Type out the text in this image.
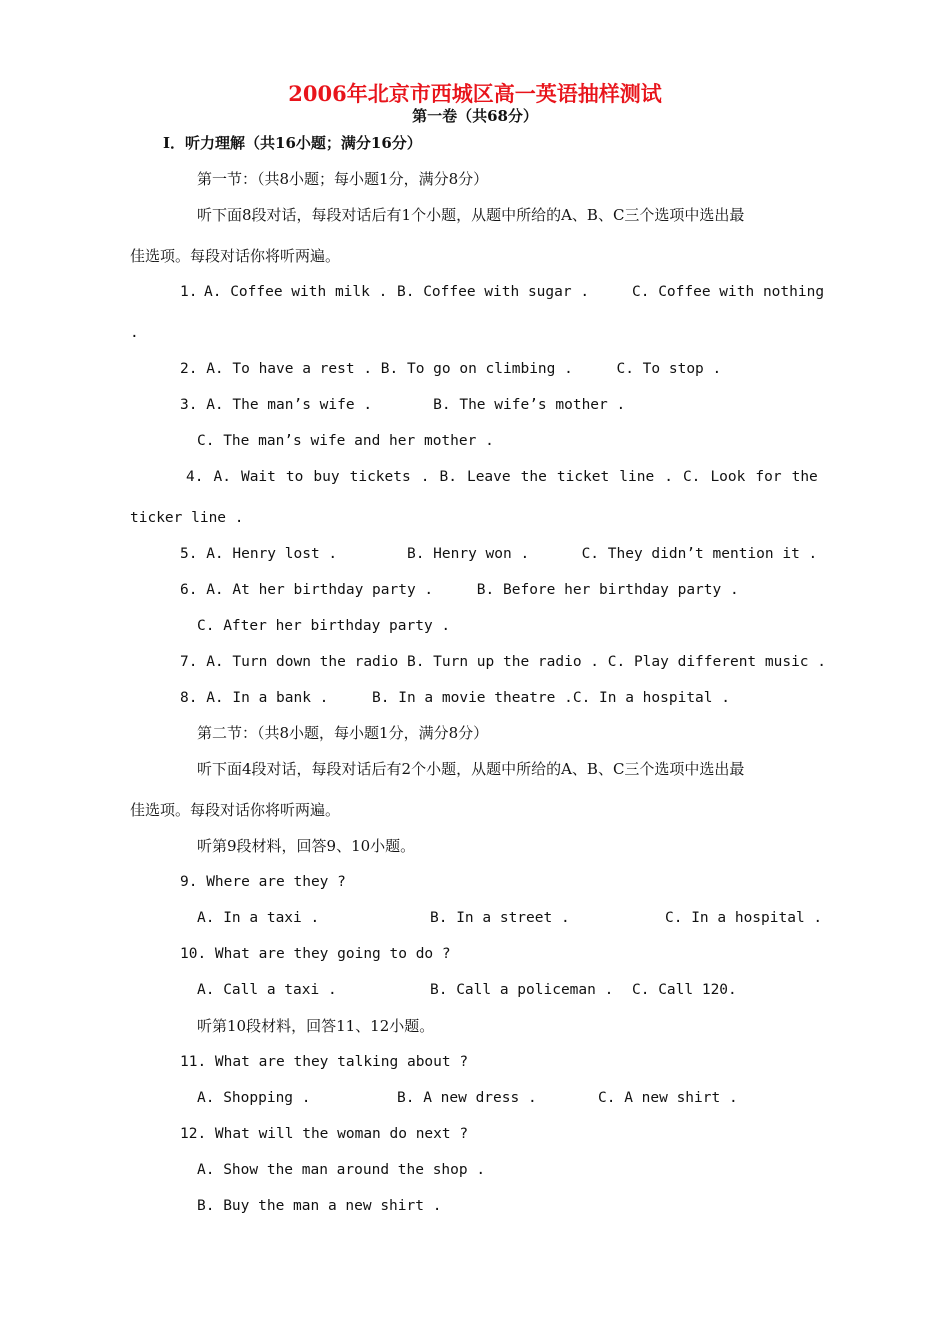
2006年北京市西城区高一英语抽样测试
第一卷（共68分）
I．听力理解（共16小题；满分16分）
第一节：（共8小题；每小题1分，满分8分）
听下面8段对话，每段对话后有1个小题，从题中所给的A、B、C三个选项中选出最
佳选项。每段对话你将听两遍。
1. A. Coffee with milk . B. Coffee with sugar .	C. Coffee with nothing
.
2. A. To have a rest . B. To go on climbing .     C. To stop .
3. A. The man’s wife .       B. The wife’s mother .
C. The man’s wife and her mother .
4. A. Wait to buy tickets . B. Leave the ticket line . C. Look for the
ticker line .
5. A. Henry lost .        B. Henry won .      C. They didn’t mention it .
6. A. At her birthday party .     B. Before her birthday party .
C. After her birthday party .
7. A. Turn down the radio B. Turn up the radio . C. Play different music .
8. A. In a bank .     B. In a movie theatre .C. In a hospital .
第二节：（共8小题，每小题1分，满分8分）
听下面4段对话，每段对话后有2个小题，从题中所给的A、B、C三个选项中选出最
佳选项。每段对话你将听两遍。
听第9段材料，回答9、10小题。
9. Where are they ?
A. In a taxi .	B. In a street .	C. In a hospital .
10. What are they going to do ?
A. Call a taxi .	B. Call a policeman . C. Call 120.
听第10段材料，回答11、12小题。
11. What are they talking about ?
A. Shopping .	B. A new dress .	C. A new shirt .
12. What will the woman do next ?
A. Show the man around the shop .
B. Buy the man a new shirt .
